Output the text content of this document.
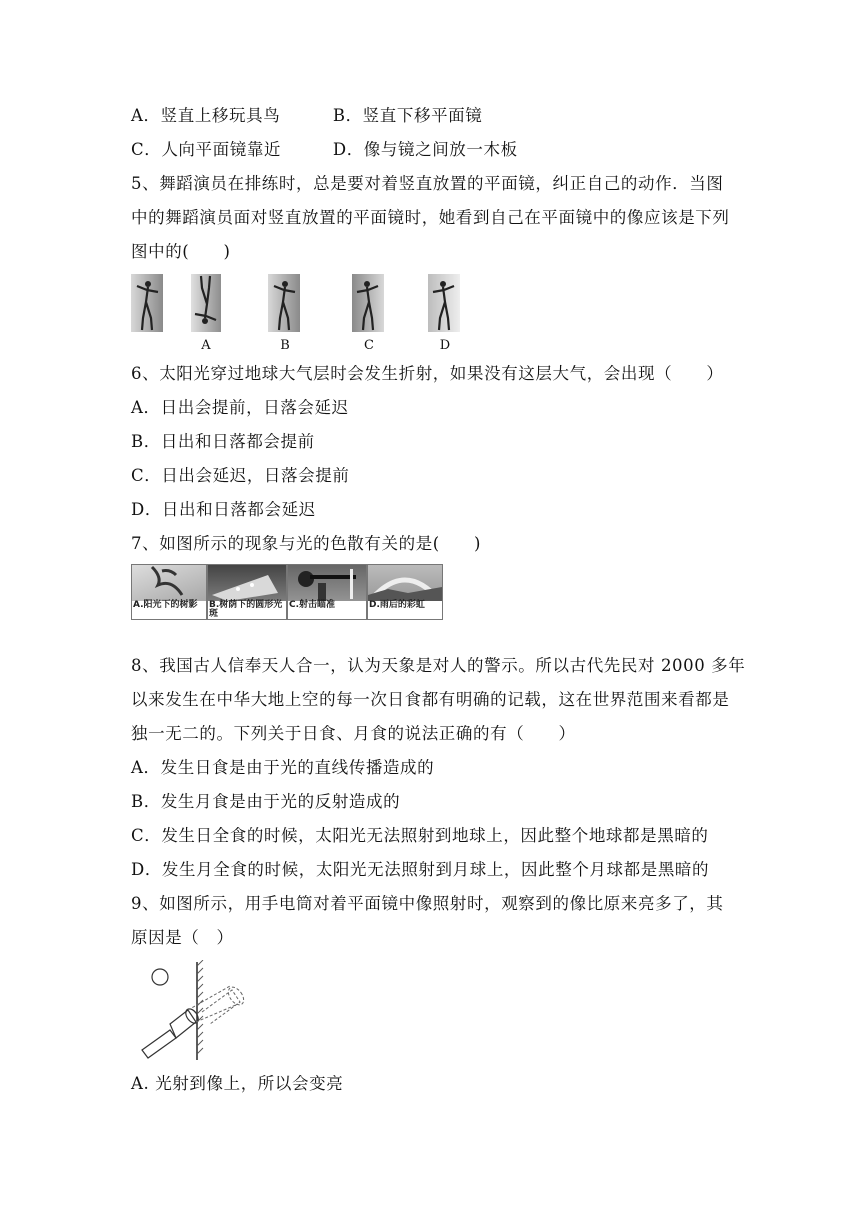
A．竖直上移玩具鸟	B．竖直下移平面镜
C．人向平面镜靠近	D．像与镜之间放一木板
5、舞蹈演员在排练时，总是要对着竖直放置的平面镜，纠正自己的动作．当图
中的舞蹈演员面对竖直放置的平面镜时，她看到自己在平面镜中的像应该是下列
图中的(　　)
A	B	C	D
6、太阳光穿过地球大气层时会发生折射，如果没有这层大气，会出现（　　）
A．日出会提前，日落会延迟
B．日出和日落都会提前
C．日出会延迟，日落会提前
D．日出和日落都会延迟
7、如图所示的现象与光的色散有关的是(　　)
A.阳光下的树影	B.树荫下的圆形光斑
C.射击瞄准	D.雨后的彩虹
8、我国古人信奉天人合一，认为天象是对人的警示。所以古代先民对 2000 多年
以来发生在中华大地上空的每一次日食都有明确的记载，这在世界范围来看都是
独一无二的。下列关于日食、月食的说法正确的有（　　）
A．发生日食是由于光的直线传播造成的
B．发生月食是由于光的反射造成的
C．发生日全食的时候，太阳光无法照射到地球上，因此整个地球都是黑暗的
D．发生月全食的时候，太阳光无法照射到月球上，因此整个月球都是黑暗的
9、如图所示，用手电筒对着平面镜中像照射时，观察到的像比原来亮多了，其
原因是（　）
A. 光射到像上，所以会变亮
